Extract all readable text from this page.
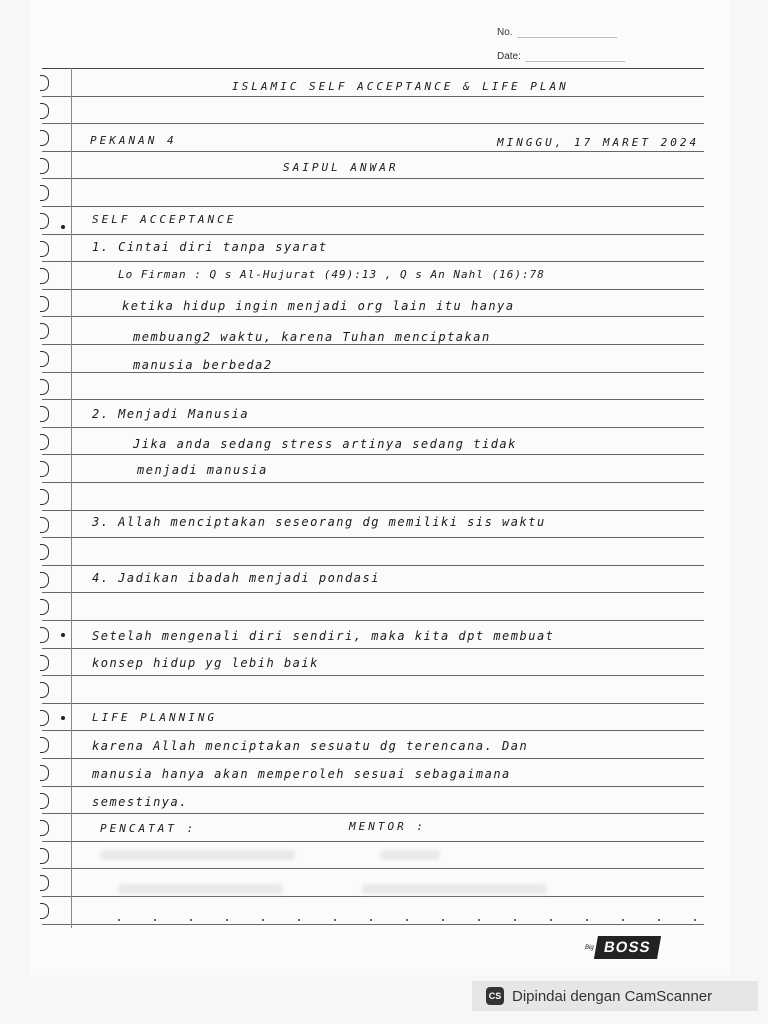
No.
Date:
ISLAMIC SELF ACCEPTANCE & LIFE PLAN
PEKANAN 4	MINGGU, 17 MARET 2024
SAIPUL ANWAR
SELF ACCEPTANCE
1. Cintai diri tanpa syarat
Lo Firman : Q s Al-Hujurat (49):13 , Q s An Nahl (16):78
ketika hidup ingin menjadi org lain itu hanya
membuang2 waktu, karena Tuhan menciptakan
manusia berbeda2
2. Menjadi Manusia
Jika anda sedang stress artinya sedang tidak
menjadi manusia
3. Allah menciptakan seseorang dg memiliki sis waktu
4. Jadikan ibadah menjadi pondasi
Setelah mengenali diri sendiri, maka kita dpt membuat
konsep hidup yg lebih baik
LIFE PLANNING
karena Allah menciptakan sesuatu dg terencana. Dan
manusia hanya akan memperoleh sesuai sebagaimana
semestinya.
PENCATAT :	MENTOR :
Big BOSS
CS Dipindai dengan CamScanner
